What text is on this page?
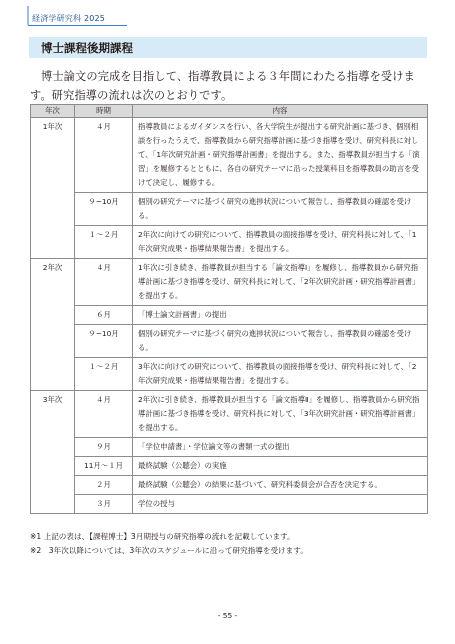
経済学研究科 2025
博士課程後期課程

博士論文の完成を目指して、指導教員による３年間にわたる指導を受けます。研究指導の流れは次のとおりです。

年次	時期	内容
1年次	４月	指導教員によるガイダンスを行い、各大学院生が提出する研究計画に基づき、個別相談を行ったうえで、指導教員から研究指導計画に基づき指導を受け、研究科長に対して、「1年次研究計画・研究指導計画書」を提出する。また、指導教員が担当する「演習」を履修するとともに、各自の研究テーマに沿った授業科目を指導教員の助言を受けて決定し、履修する。
	９~10月	個別の研究テーマに基づく研究の進捗状況について報告し、指導教員の確認を受ける。
	１～２月	2年次に向けての研究について、指導教員の面接指導を受け、研究科長に対して、「1年次研究成果・指導結果報告書」を提出する。
2年次	４月	1年次に引き続き、指導教員が担当する「論文指導Ⅰ」を履修し、指導教員から研究指導計画に基づき指導を受け、研究科長に対して、「2年次研究計画・研究指導計画書」を提出する。
	６月	「博士論文計画書」の提出
	９~10月	個別の研究テーマに基づく研究の進捗状況について報告し、指導教員の確認を受ける。
	１～２月	3年次に向けての研究について、指導教員の面接指導を受け、研究科長に対して、「2年次研究成果・指導結果報告書」を提出する。
3年次	４月	2年次に引き続き、指導教員が担当する「論文指導Ⅱ」を履修し、指導教員から研究指導計画に基づき指導を受け、研究科長に対して、「3年次研究計画・研究指導計画書」を提出する。
	９月	「学位申請書」・学位論文等の書類一式の提出
	11月～１月	最終試験（公聴会）の実施
	２月	最終試験（公聴会）の結果に基づいて、研究科委員会が合否を決定する。
	３月	学位の授与
※1 上記の表は、【課程博士】3月期授与の研究指導の流れを記載しています。
※2　3年次以降については、3年次のスケジュールに沿って研究指導を受けます。
- 55 -
